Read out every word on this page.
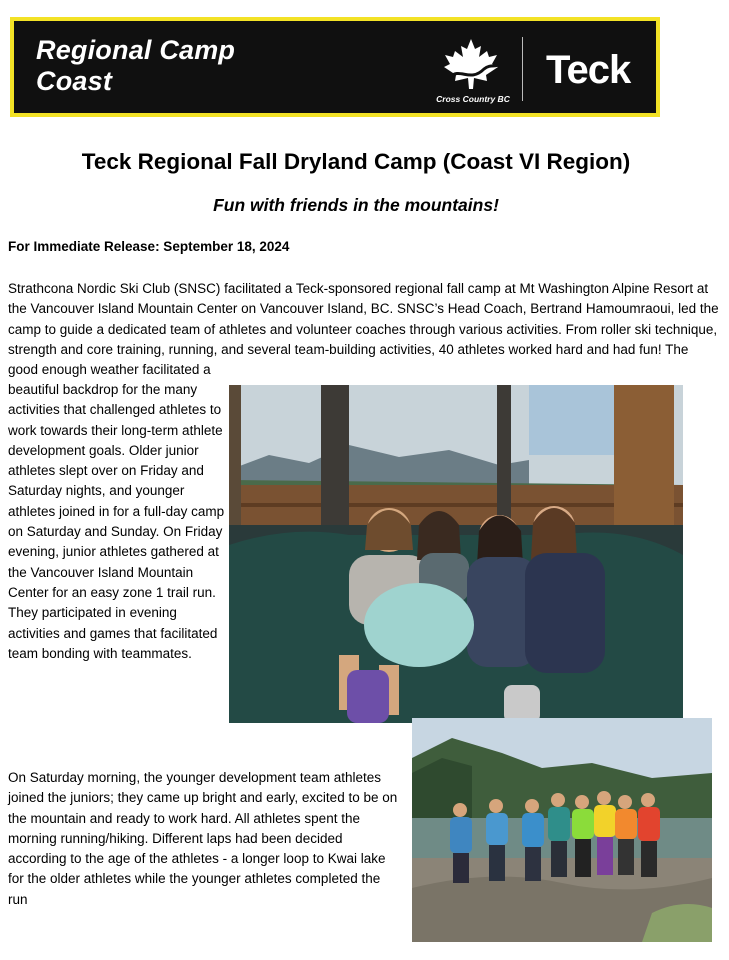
Regional Camp
Coast
Cross Country BC
Teck
Teck Regional Fall Dryland Camp (Coast VI Region)
Fun with friends in the mountains!
For Immediate Release: September 18, 2024
Strathcona Nordic Ski Club (SNSC) facilitated a Teck-sponsored regional fall camp at Mt Washington Alpine Resort at the Vancouver Island Mountain Center on Vancouver Island, BC. SNSC’s Head Coach, Bertrand Hamoumraoui, led the camp to guide a dedicated team of athletes and volunteer coaches through various activities. From roller ski technique, strength and core training, running, and several team-building activities, 40 athletes worked hard and had fun! The good enough weather facilitated a
beautiful backdrop for the many activities that challenged athletes to work towards their long-term athlete development goals. Older junior athletes slept over on Friday and Saturday nights, and younger athletes joined in for a full-day camp on Saturday and Sunday. On Friday evening, junior athletes gathered at the Vancouver Island Mountain Center for an easy zone 1 trail run. They participated in evening activities and games that facilitated team bonding with teammates.
On Saturday morning, the younger development team athletes joined the juniors; they came up bright and early, excited to be on the mountain and ready to work hard. All athletes spent the morning running/hiking. Different laps had been decided according to the age of the athletes - a longer loop to Kwai lake for the older athletes while the younger athletes completed the run
